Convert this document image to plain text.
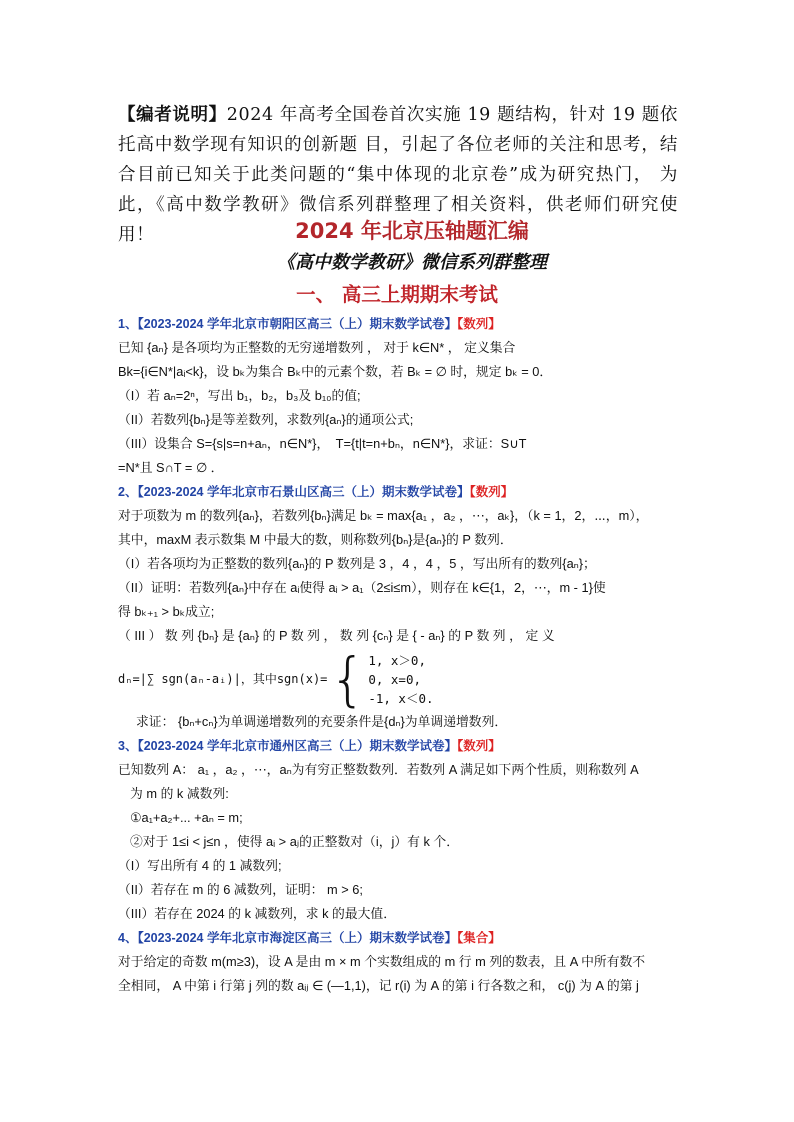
【编者说明】2024 年高考全国卷首次实施 19 题结构，针对 19 题依托高中数学现有知识的创新题 目，引起了各位老师的关注和思考，结合目前已知关于此类问题的“集中体现的北京卷”成为研究热门， 为此，《高中数学教研》微信系列群整理了相关资料，供老师们研究使用！	2024 年北京压轴题汇编
《高中数学教研》微信系列群整理
一、 高三上期期末考试
1、【2023-2024 学年北京市朝阳区高三（上）期末数学试卷】【数列】
已知 {aₙ} 是各项均为正整数的无穷递增数列 ， 对于 k∈N* ， 定义集合
Bk={i∈N*|aᵢ<k}，设 bₖ为集合 Bₖ中的元素个数，若 Bₖ = ∅ 时，规定 bₖ = 0．
（I）若 aₙ=2ⁿ，写出 b₁，b₂，b₃及 b₁₀的值;
（II）若数列{bₙ}是等差数列，求数列{aₙ}的通项公式;
（III）设集合 S={s|s=n+aₙ，n∈N*}，　T={t|t=n+bₙ，n∈N*}，求证：S∪T
=N*且 S∩T = ∅ ．
2、【2023-2024 学年北京市石景山区高三（上）期末数学试卷】【数列】
对于项数为 m 的数列{aₙ}，若数列{bₙ}满足 bₖ = max{a₁ ，a₂ ，⋯，aₖ}，（k = 1，2，⋯，m），
其中，maxM 表示数集 M 中最大的数，则称数列{bₙ}是{aₙ}的 P 数列．
（I）若各项均为正整数的数列{aₙ}的 P 数列是 3 ，4 ，4 ，5 ，写出所有的数列{aₙ}；
（II）证明：若数列{aₙ}中存在 aᵢ使得 aᵢ > a₁（2≤i≤m），则存在 k∈{1，2，⋯，m - 1}使
得 bₖ₊₁ > bₖ成立;
（ III ） 数 列 {bₙ} 是 {aₙ} 的 P 数 列 ， 数 列 {cₙ} 是 { - aₙ} 的 P 数 列 ， 定 义
dₙ=|∑ sgn(aₙ-aᵢ)|，其中sgn(x)= { 1, x＞0,
0, x=0,
-1, x＜0.
求证： {bₙ+cₙ}为单调递增数列的充要条件是{dₙ}为单调递增数列．
3、【2023-2024 学年北京市通州区高三（上）期末数学试卷】【数列】
已知数列 A： a₁ ，a₂ ，⋯，aₙ为有穷正整数数列．若数列 A 满足如下两个性质，则称数列 A
为 m 的 k 减数列:
①a₁+a₂+... +aₙ = m;
②对于 1≤i < j≤n ，使得 aᵢ > aⱼ的正整数对（i，j）有 k 个．
（I）写出所有 4 的 1 减数列;
（II）若存在 m 的 6 减数列，证明： m > 6;
（III）若存在 2024 的 k 减数列，求 k 的最大值．
4、【2023-2024 学年北京市海淀区高三（上）期末数学试卷】【集合】
对于给定的奇数 m(m≥3)，设 A 是由 m × m 个实数组成的 m 行 m 列的数表，且 A 中所有数不
全相同， A 中第 i 行第 j 列的数 aᵢⱼ ∈ (—1,1)，记 r(i) 为 A 的第 i 行各数之和， c(j) 为 A 的第 j
